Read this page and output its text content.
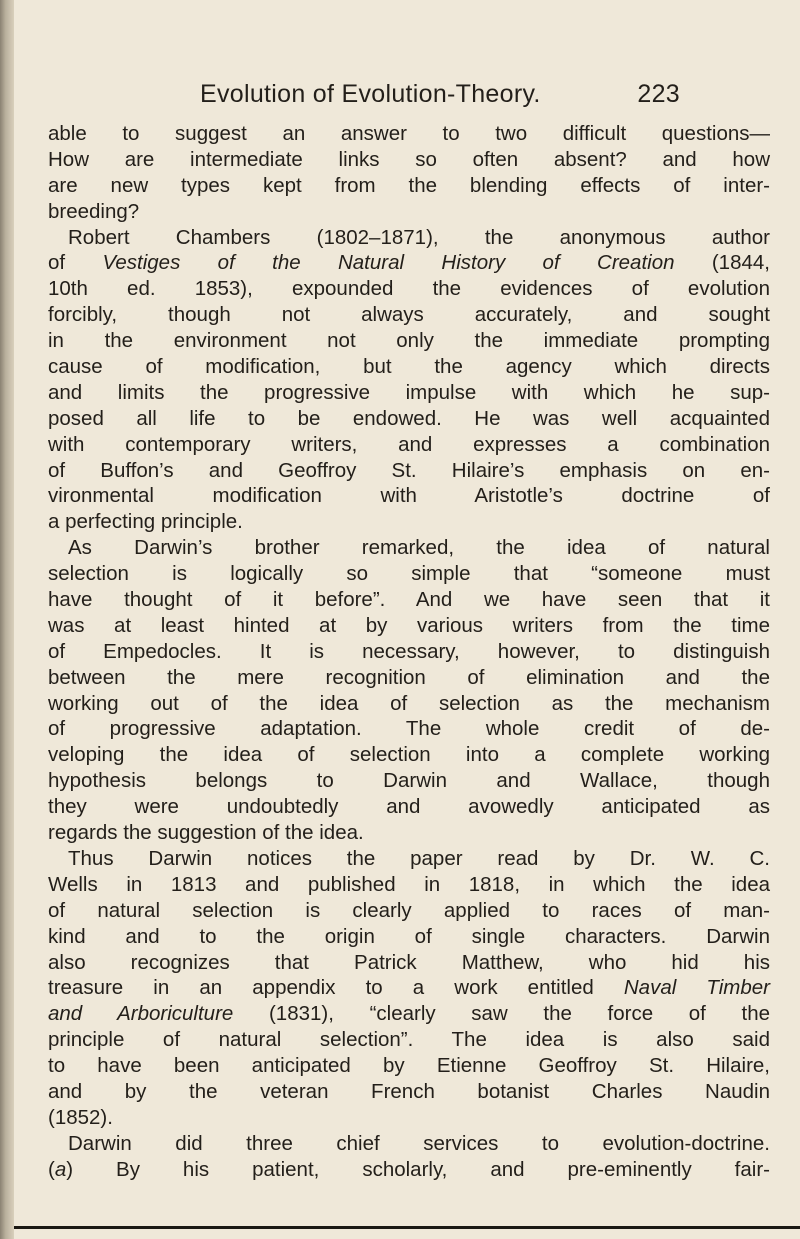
Evolution of Evolution-Theory.	223
able to suggest an answer to two difficult questions—
How are intermediate links so often absent? and how
are new types kept from the blending effects of inter-
breeding?
Robert Chambers (1802–1871), the anonymous author
of Vestiges of the Natural History of Creation (1844,
10th ed. 1853), expounded the evidences of evolution
forcibly, though not always accurately, and sought
in the environment not only the immediate prompting
cause of modification, but the agency which directs
and limits the progressive impulse with which he sup-
posed all life to be endowed. He was well acquainted
with contemporary writers, and expresses a combination
of Buffon’s and Geoffroy St. Hilaire’s emphasis on en-
vironmental modification with Aristotle’s doctrine of
a perfecting principle.
As Darwin’s brother remarked, the idea of natural
selection is logically so simple that “someone must
have thought of it before”. And we have seen that it
was at least hinted at by various writers from the time
of Empedocles. It is necessary, however, to distinguish
between the mere recognition of elimination and the
working out of the idea of selection as the mechanism
of progressive adaptation. The whole credit of de-
veloping the idea of selection into a complete working
hypothesis belongs to Darwin and Wallace, though
they were undoubtedly and avowedly anticipated as
regards the suggestion of the idea.
Thus Darwin notices the paper read by Dr. W. C.
Wells in 1813 and published in 1818, in which the idea
of natural selection is clearly applied to races of man-
kind and to the origin of single characters. Darwin
also recognizes that Patrick Matthew, who hid his
treasure in an appendix to a work entitled Naval Timber
and Arboriculture (1831), “clearly saw the force of the
principle of natural selection”. The idea is also said
to have been anticipated by Etienne Geoffroy St. Hilaire,
and by the veteran French botanist Charles Naudin
(1852).
Darwin did three chief services to evolution-doctrine.
(a) By his patient, scholarly, and pre-eminently fair-
